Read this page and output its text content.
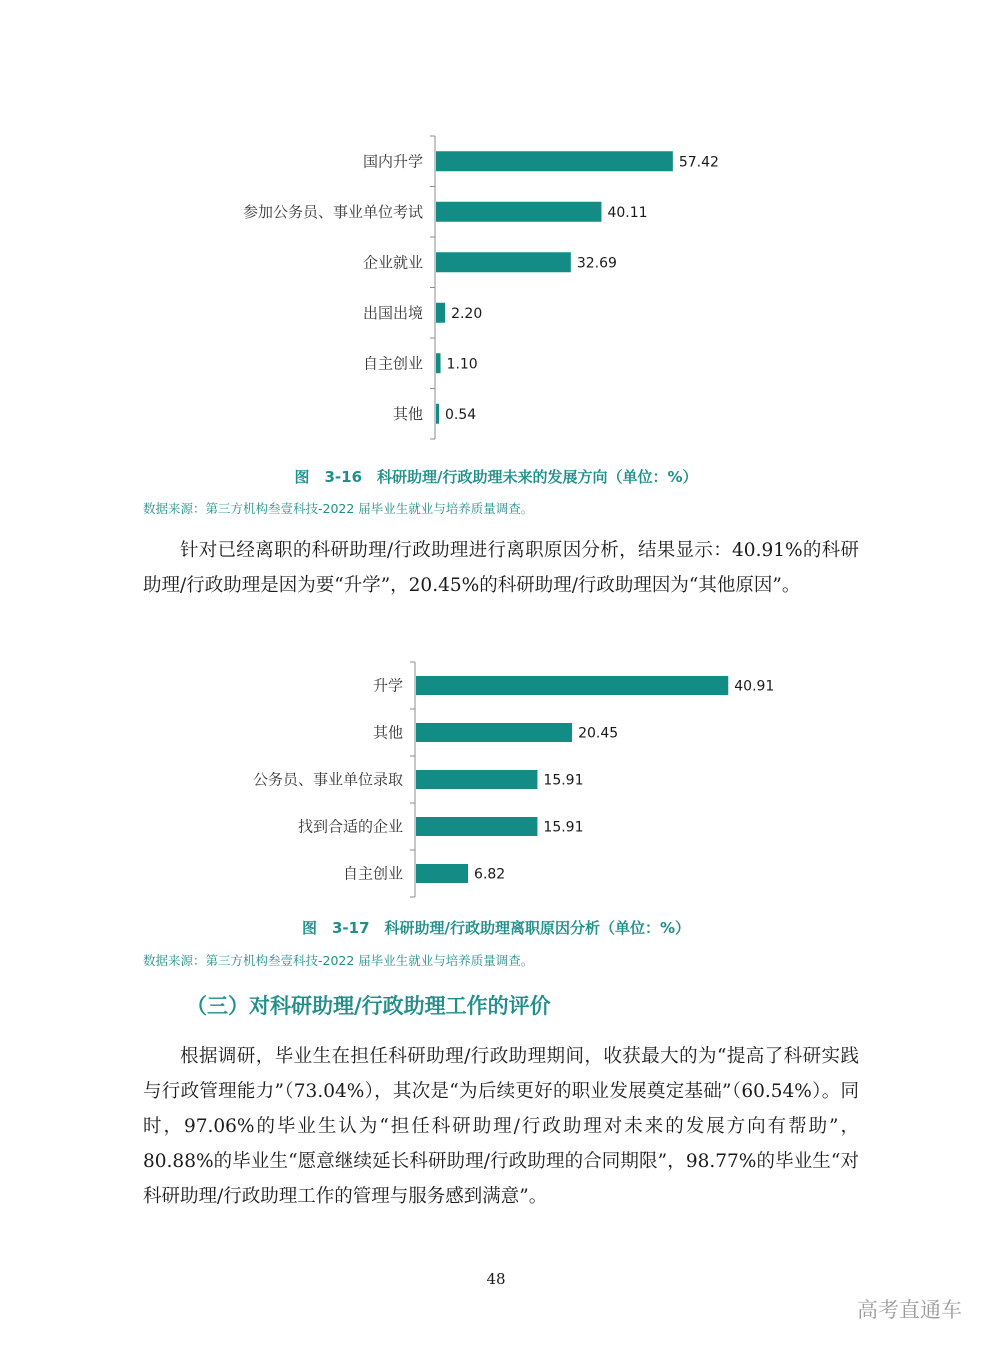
国内升学	57.42
参加公务员、事业单位考试	40.11
企业就业	32.69
出国出境 2.20
自主创业 1.10
其他 0.54
图　3-16　科研助理/行政助理未来的发展方向（单位：%）
数据来源：第三方机构叁壹科技-2022 届毕业生就业与培养质量调查。

针对已经离职的科研助理/行政助理进行离职原因分析，结果显示：40.91%的科研助理/行政助理是因为要“升学”，20.45%的科研助理/行政助理因为“其他原因”。

升学	40.91
其他	20.45
公务员、事业单位录取	15.91
找到合适的企业	15.91
自主创业	6.82
图　3-17　科研助理/行政助理离职原因分析（单位：%）
数据来源：第三方机构叁壹科技-2022 届毕业生就业与培养质量调查。
（三）对科研助理/行政助理工作的评价

根据调研，毕业生在担任科研助理/行政助理期间，收获最大的为“提高了科研实践与行政管理能力”（73.04%），其次是“为后续更好的职业发展奠定基础”（60.54%）。同时，97.06%的毕业生认为“担任科研助理/行政助理对未来的发展方向有帮助”，80.88%的毕业生“愿意继续延长科研助理/行政助理的合同期限”，98.77%的毕业生“对科研助理/行政助理工作的管理与服务感到满意”。

48
高考直通车
